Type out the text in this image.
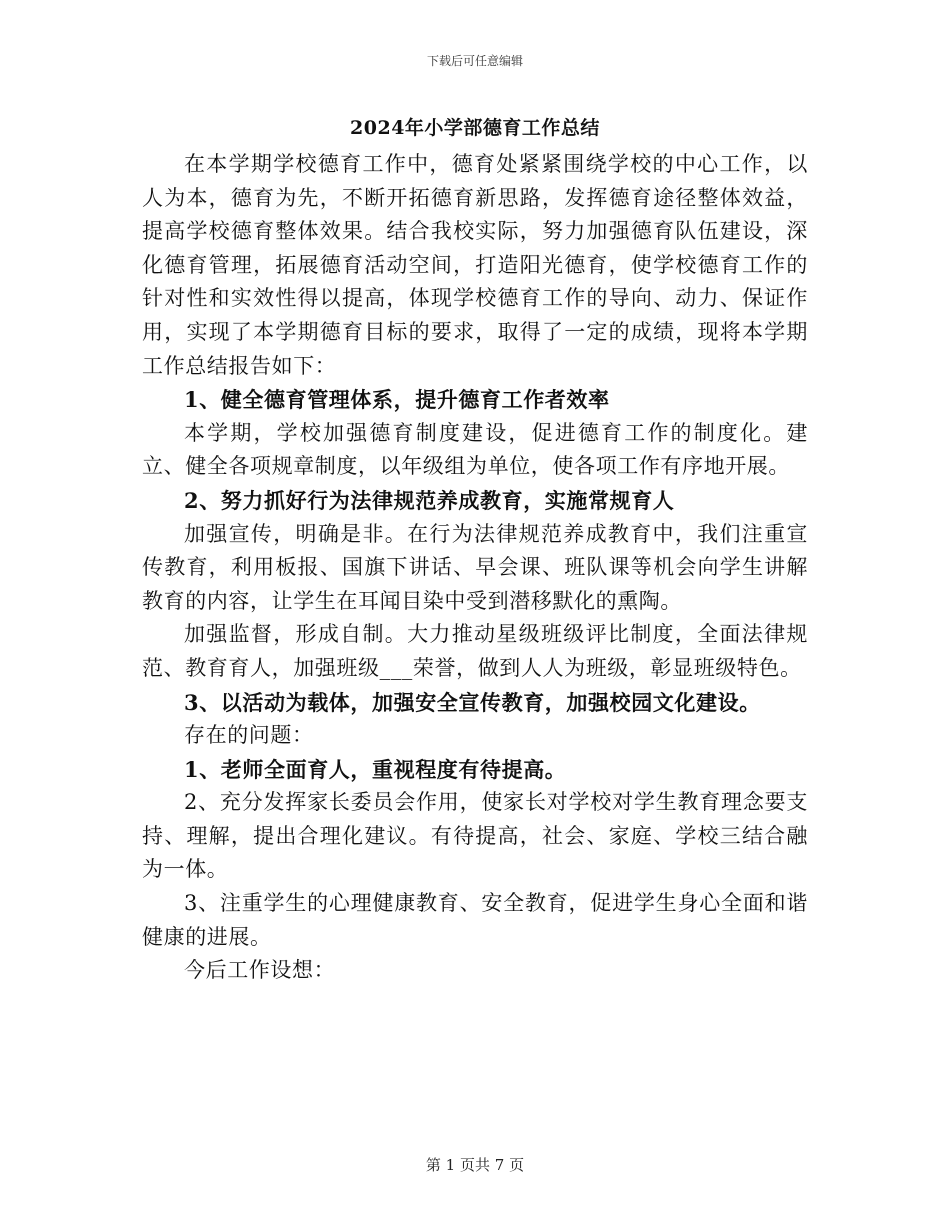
下载后可任意编辑
2024年小学部德育工作总结

在本学期学校德育工作中，德育处紧紧围绕学校的中心工作，以人为本，德育为先，不断开拓德育新思路，发挥德育途径整体效益，提高学校德育整体效果。结合我校实际，努力加强德育队伍建设，深化德育管理，拓展德育活动空间，打造阳光德育，使学校德育工作的针对性和实效性得以提高，体现学校德育工作的导向、动力、保证作用，实现了本学期德育目标的要求，取得了一定的成绩，现将本学期工作总结报告如下：

1、健全德育管理体系，提升德育工作者效率

本学期，学校加强德育制度建设，促进德育工作的制度化。建立、健全各项规章制度，以年级组为单位，使各项工作有序地开展。

2、努力抓好行为法律规范养成教育，实施常规育人

加强宣传，明确是非。在行为法律规范养成教育中，我们注重宣传教育，利用板报、国旗下讲话、早会课、班队课等机会向学生讲解教育的内容，让学生在耳闻目染中受到潜移默化的熏陶。

加强监督，形成自制。大力推动星级班级评比制度，全面法律规范、教育育人，加强班级___荣誉，做到人人为班级，彰显班级特色。

3、以活动为载体，加强安全宣传教育，加强校园文化建设。

存在的问题：

1、老师全面育人，重视程度有待提高。

2、充分发挥家长委员会作用，使家长对学校对学生教育理念要支持、理解，提出合理化建议。有待提高，社会、家庭、学校三结合融为一体。

3、注重学生的心理健康教育、安全教育，促进学生身心全面和谐健康的进展。

今后工作设想：

第 1 页共 7 页
